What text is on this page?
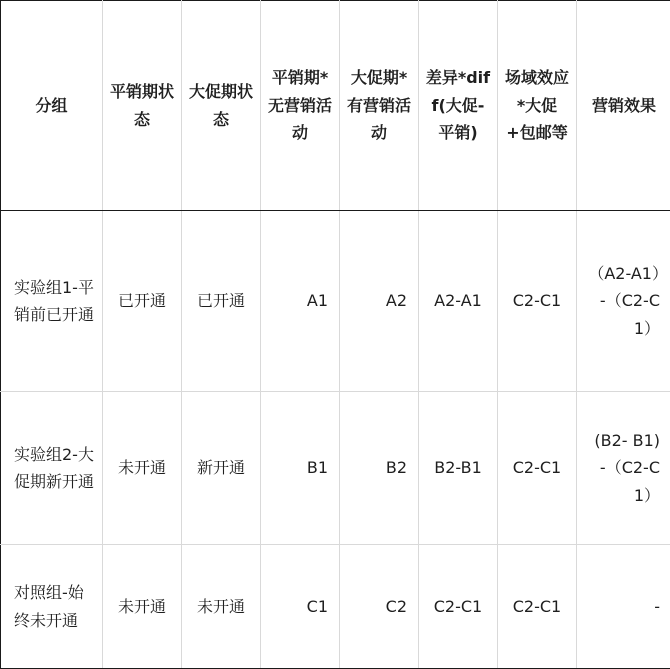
分组	平销期状态	大促期状态	平销期*无营销活动	大促期*有营销活动	差异*diff(大促-平销)	场域效应*大促+包邮等	营销效果
实验组1-平销前已开通	已开通	已开通	A1	A2	A2-A1	C2-C1	（A2-A1）-（C2-C1）
实验组2-大促期新开通	未开通	新开通	B1	B2	B2-B1	C2-C1	(B2- B1) -（C2-C1）
对照组-始终未开通	未开通	未开通	C1	C2	C2-C1	C2-C1	-
